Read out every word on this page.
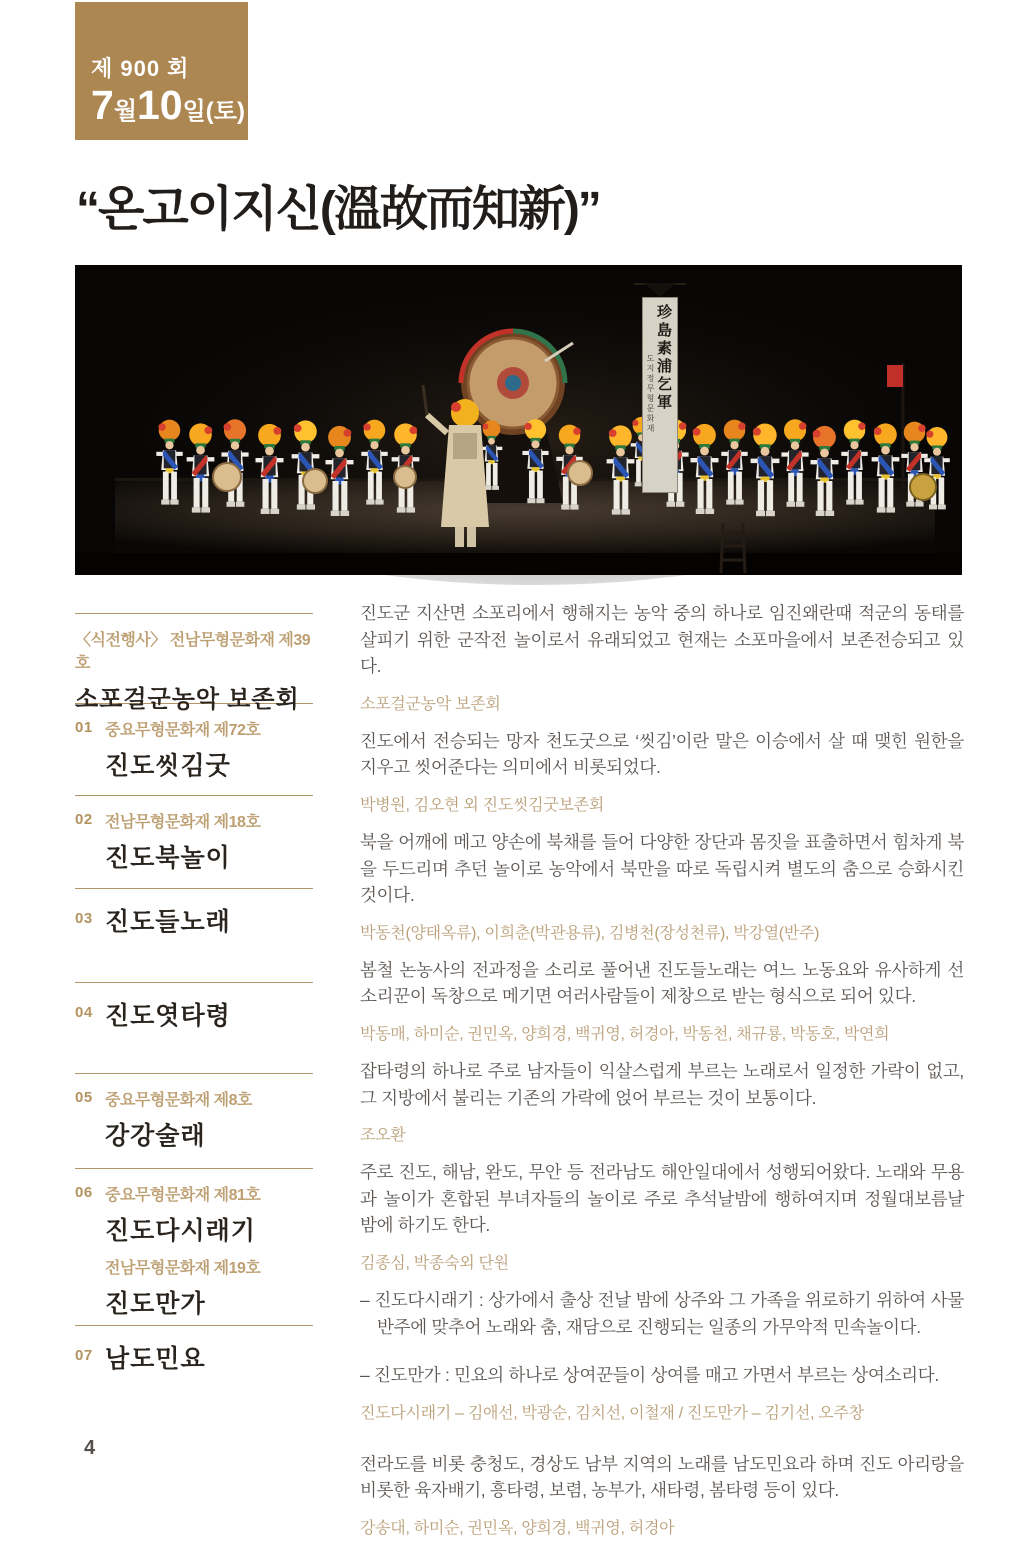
제 900 회
7월10일(토)
“온고이지신(溫故而知新)”
珍島素浦乞軍
도지정무형문화재
〈식전행사〉 전남무형문화재 제39호
소포걸군농악 보존회
01 중요무형문화재 제72호
진도씻김굿
02 전남무형문화재 제18호
진도북놀이
03 진도들노래
04 진도엿타령
05 중요무형문화재 제8호
강강술래
06 중요무형문화재 제81호
진도다시래기
전남무형문화재 제19호
진도만가
07 남도민요

진도군 지산면 소포리에서 행해지는 농악 중의 하나로 임진왜란때 적군의 동태를 살피기 위한 군작전 놀이로서 유래되었고 현재는 소포마을에서 보존전승되고 있다.

소포걸군농악 보존회

진도에서 전승되는 망자 천도굿으로 ‘씻김’이란 말은 이승에서 살 때 맺힌 원한을 지우고 씻어준다는 의미에서 비롯되었다.

박병원, 김오현 외 진도씻김굿보존회

북을 어깨에 메고 양손에 북채를 들어 다양한 장단과 몸짓을 표출하면서 힘차게 북을 두드리며 추던 놀이로 농악에서 북만을 따로 독립시켜 별도의 춤으로 승화시킨 것이다.

박동천(양태옥류), 이희춘(박관용류), 김병천(장성천류), 박강열(반주)

봄철 논농사의 전과정을 소리로 풀어낸 진도들노래는 여느 노동요와 유사하게 선소리꾼이 독창으로 메기면 여러사람들이 제창으로 받는 형식으로 되어 있다.

박동매, 하미순, 권민옥, 양희경, 백귀영, 허경아, 박동천, 채규룡, 박동호, 박연희

잡타령의 하나로 주로 남자들이 익살스럽게 부르는 노래로서 일정한 가락이 없고, 그 지방에서 불리는 기존의 가락에 얹어 부르는 것이 보통이다.

조오환

주로 진도, 해남, 완도, 무안 등 전라남도 해안일대에서 성행되어왔다. 노래와 무용과 놀이가 혼합된 부녀자들의 놀이로 주로 추석날밤에 행하여지며 정월대보름날 밤에 하기도 한다.

김종심, 박종숙외 단원

– 진도다시래기 : 상가에서 출상 전날 밤에 상주와 그 가족을 위로하기 위하여 사물 반주에 맞추어 노래와 춤, 재담으로 진행되는 일종의 가무악적 민속놀이다.

– 진도만가 : 민요의 하나로 상여꾼들이 상여를 매고 가면서 부르는 상여소리다.

진도다시래기 – 김애선, 박광순, 김치선, 이철재 / 진도만가 – 김기선, 오주창

전라도를 비롯 충청도, 경상도 남부 지역의 노래를 남도민요라 하며 진도 아리랑을 비롯한 육자배기, 흥타령, 보렴, 농부가, 새타령, 봄타령 등이 있다.

강송대, 하미순, 권민옥, 양희경, 백귀영, 허경아

4
